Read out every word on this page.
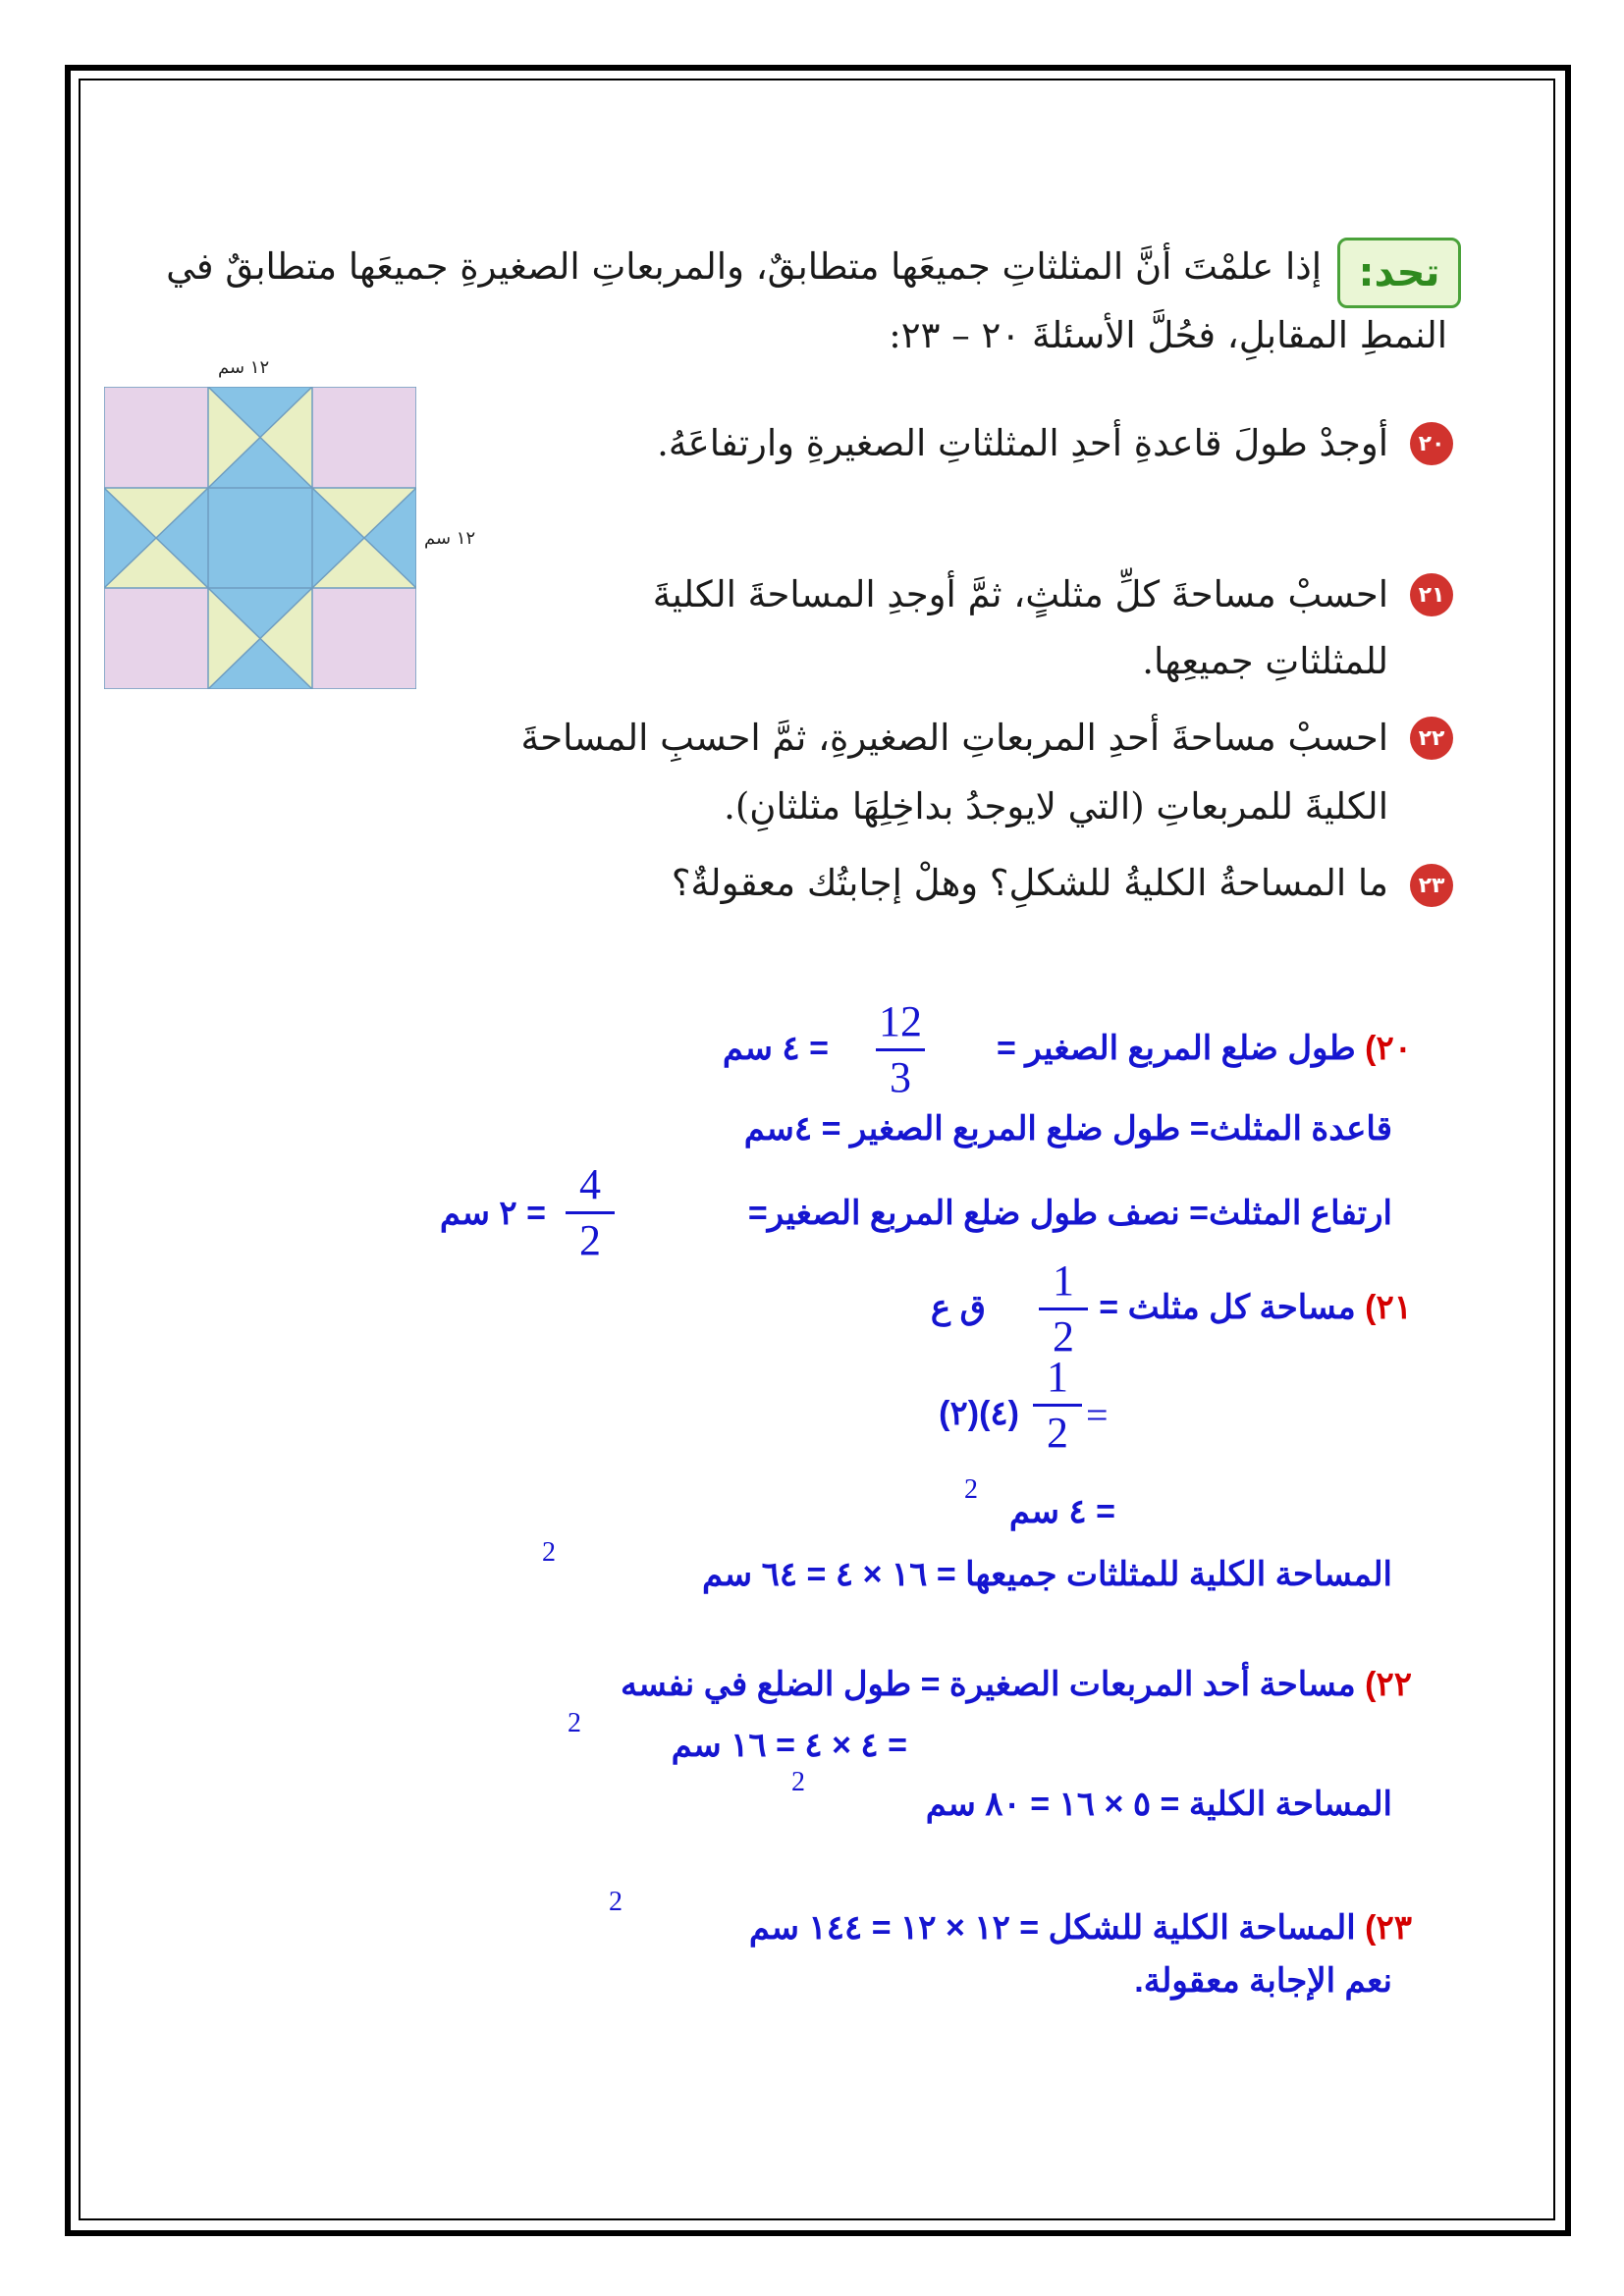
تحد:
إذا علمْتَ أنَّ المثلثاتِ جميعَها متطابقٌ، والمربعاتِ الصغيرةِ جميعَها متطابقٌ في
النمطِ المقابلِ، فحُلَّ الأسئلةَ ٢٠ – ٢٣:
١٢ سم
١٢ سم
٢٠
أوجدْ طولَ قاعدةِ أحدِ المثلثاتِ الصغيرةِ وارتفاعَهُ.
٢١
احسبْ مساحةَ كلِّ مثلثٍ، ثمَّ أوجدِ المساحةَ الكليةَ
للمثلثاتِ جميعِها.
٢٢
احسبْ مساحةَ أحدِ المربعاتِ الصغيرةِ، ثمَّ احسبِ المساحةَ
الكليةَ للمربعاتِ (التي لايوجدُ بداخِلِهَا مثلثانِ).
٢٣
ما المساحةُ الكليةُ للشكلِ؟ وهلْ إجابتُك معقولةٌ؟
٢٠) طول ضلع المربع الصغير =
12
3
= ٤ سم
قاعدة المثلث= طول ضلع المربع الصغير = ٤سم
ارتفاع المثلث= نصف طول ضلع المربع الصغير=
4
2
= ٢ سم
٢١) مساحة كل مثلث =
1
2
ق ع
=
1
2
(٤)(٢)
= ٤ سم
2
المساحة الكلية للمثلثات جميعها = ١٦ × ٤ = ٦٤ سم
2
٢٢) مساحة أحد المربعات الصغيرة = طول الضلع في نفسه
= ٤ × ٤ = ١٦ سم
2
المساحة الكلية = ٥ × ١٦ = ٨٠ سم
2
٢٣) المساحة الكلية للشكل = ١٢ × ١٢ = ١٤٤ سم
2
نعم الإجابة معقولة.
